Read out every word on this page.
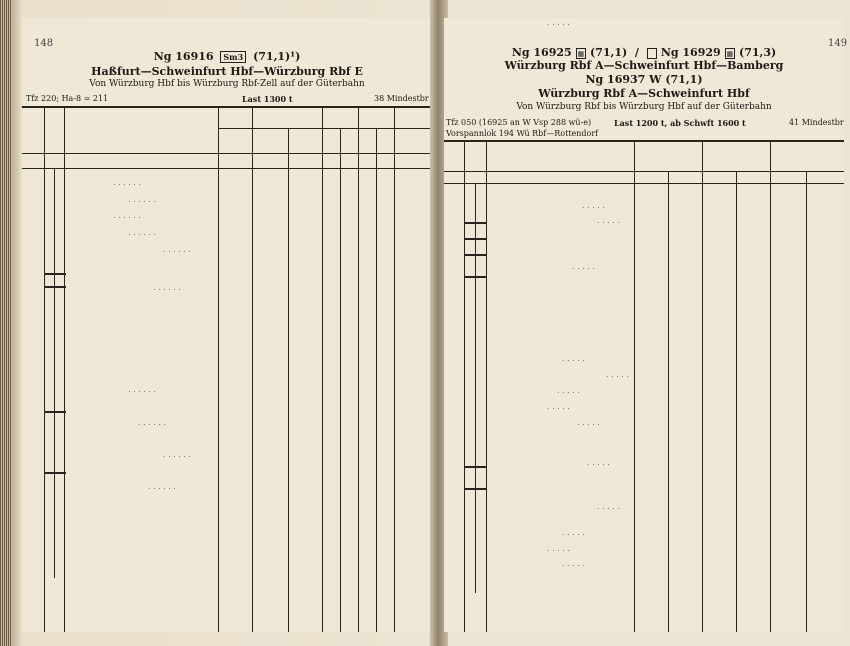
148
Ng 16916 Sm3 (71,1)¹)
Haßfurt—Schweinfurt Hbf—Würzburg Rbf E
Von Würzburg Hbf bis Würzburg Rbf-Zell auf der Güterbahn
Tfz 220; Ha-8 = 211	Last 1300 t	38 Mindestbr
. . . . . .
. . . . . .
. . . . . .
. . . . . .
. . . . . .
. . . . . .
. . . . . .
. . . . . .
. . . . . .
. . . . . .
149
Ng 16925 ▦ (71,1)  /    Ng 16929 ▦ (71,3)
Würzburg Rbf A—Schweinfurt Hbf—Bamberg
Ng 16937 W (71,1)
Würzburg Rbf A—Schweinfurt Hbf
Von Würzburg Rbf bis Würzburg Hbf auf der Güterbahn
Tfz 050 (16925 an W Vsp 288 wü-e)	Last 1200 t, ab Schwft 1600 t	41 Mindestbr
Vorspannlok 194 Wü Rbf—Rottendorf
. . . . .
. . . . .
. . . . .
. . . . .
. . . . .
. . . . .
. . . . .
. . . . .
. . . . .
. . . . .
. . . . .
. . . . .
. . . . .
. . . . .
